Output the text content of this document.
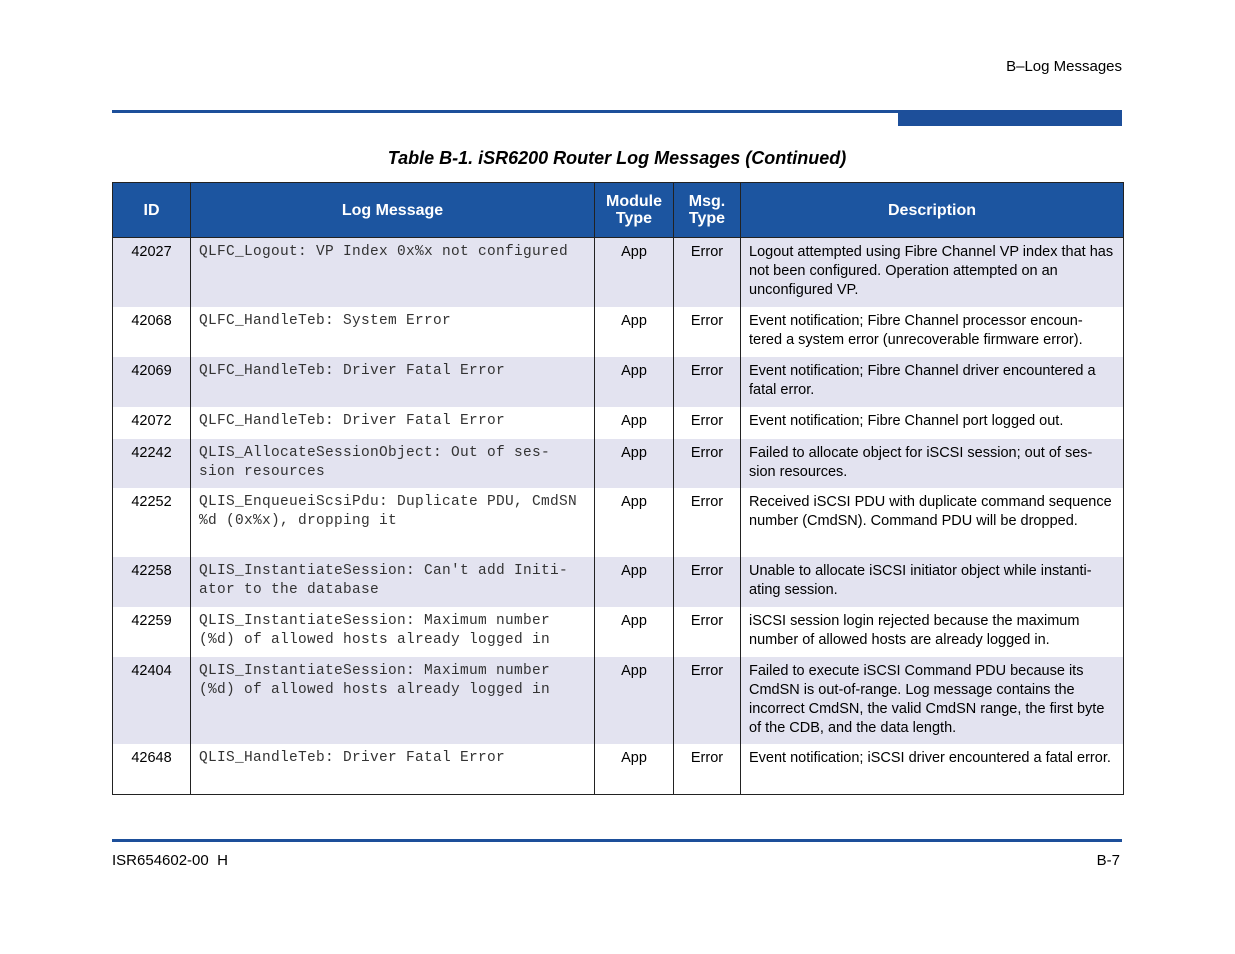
B–Log Messages
Table B-1. iSR6200 Router Log Messages (Continued)
ID	Log Message	Module Type	Msg. Type	Description
42027	QLFC_Logout: VP Index 0x%x not configured	App	Error	Logout attempted using Fibre Channel VP index that has not been configured. Operation attempted on an unconfigured VP.
42068	QLFC_HandleTeb: System Error	App	Error	Event notification; Fibre Channel processor encoun-tered a system error (unrecoverable firmware error).
42069	QLFC_HandleTeb: Driver Fatal Error	App	Error	Event notification; Fibre Channel driver encountered a fatal error.
42072	QLFC_HandleTeb: Driver Fatal Error	App	Error	Event notification; Fibre Channel port logged out.
42242	QLIS_AllocateSessionObject: Out of ses-sion resources	App	Error	Failed to allocate object for iSCSI session; out of ses-sion resources.
42252	QLIS_EnqueueiScsiPdu: Duplicate PDU, CmdSN %d (0x%x), dropping it	App	Error	Received iSCSI PDU with duplicate command sequence number (CmdSN). Command PDU will be dropped.
42258	QLIS_InstantiateSession: Can't add Initi-ator to the database	App	Error	Unable to allocate iSCSI initiator object while instanti-ating session.
42259	QLIS_InstantiateSession: Maximum number (%d) of allowed hosts already logged in	App	Error	iSCSI session login rejected because the maximum number of allowed hosts are already logged in.
42404	QLIS_InstantiateSession: Maximum number (%d) of allowed hosts already logged in	App	Error	Failed to execute iSCSI Command PDU because its CmdSN is out-of-range. Log message contains the incorrect CmdSN, the valid CmdSN range, the first byte of the CDB, and the data length.
42648	QLIS_HandleTeb: Driver Fatal Error	App	Error	Event notification; iSCSI driver encountered a fatal error.
ISR654602-00  H	B-7
